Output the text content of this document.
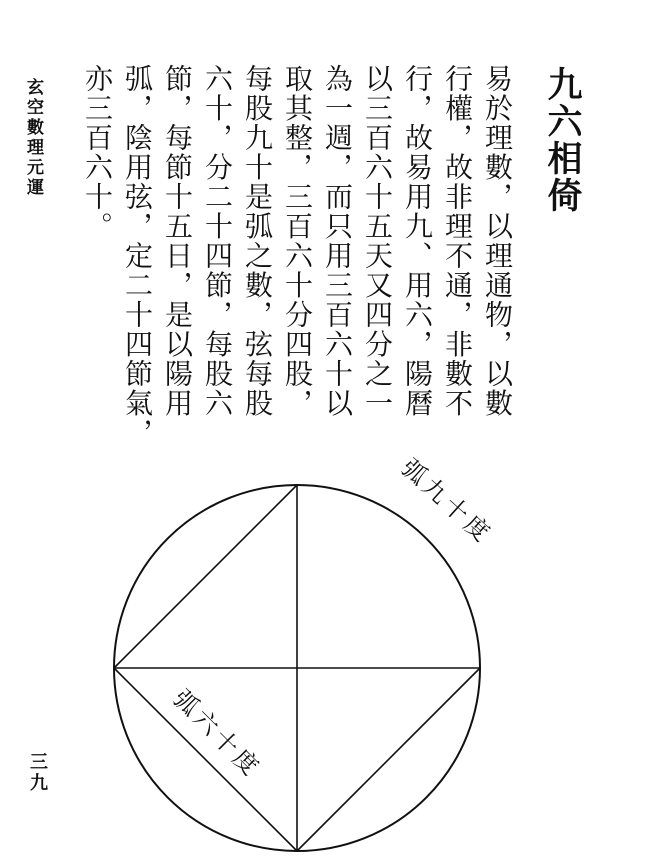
九六相倚
易於理數，以理通物，以數
行權，故非理不通，非數不
行，故易用九、用六，陽曆
以三百六十五天又四分之一
為一週，而只用三百六十以
取其整，三百六十分四股，
每股九十是弧之數，弦每股
六十，分二十四節，每股六
節，每節十五日，是以陽用
弧，陰用弦，定二十四節氣，
亦三百六十。
玄空數理元運
三九
弧九十度
弧六十度
